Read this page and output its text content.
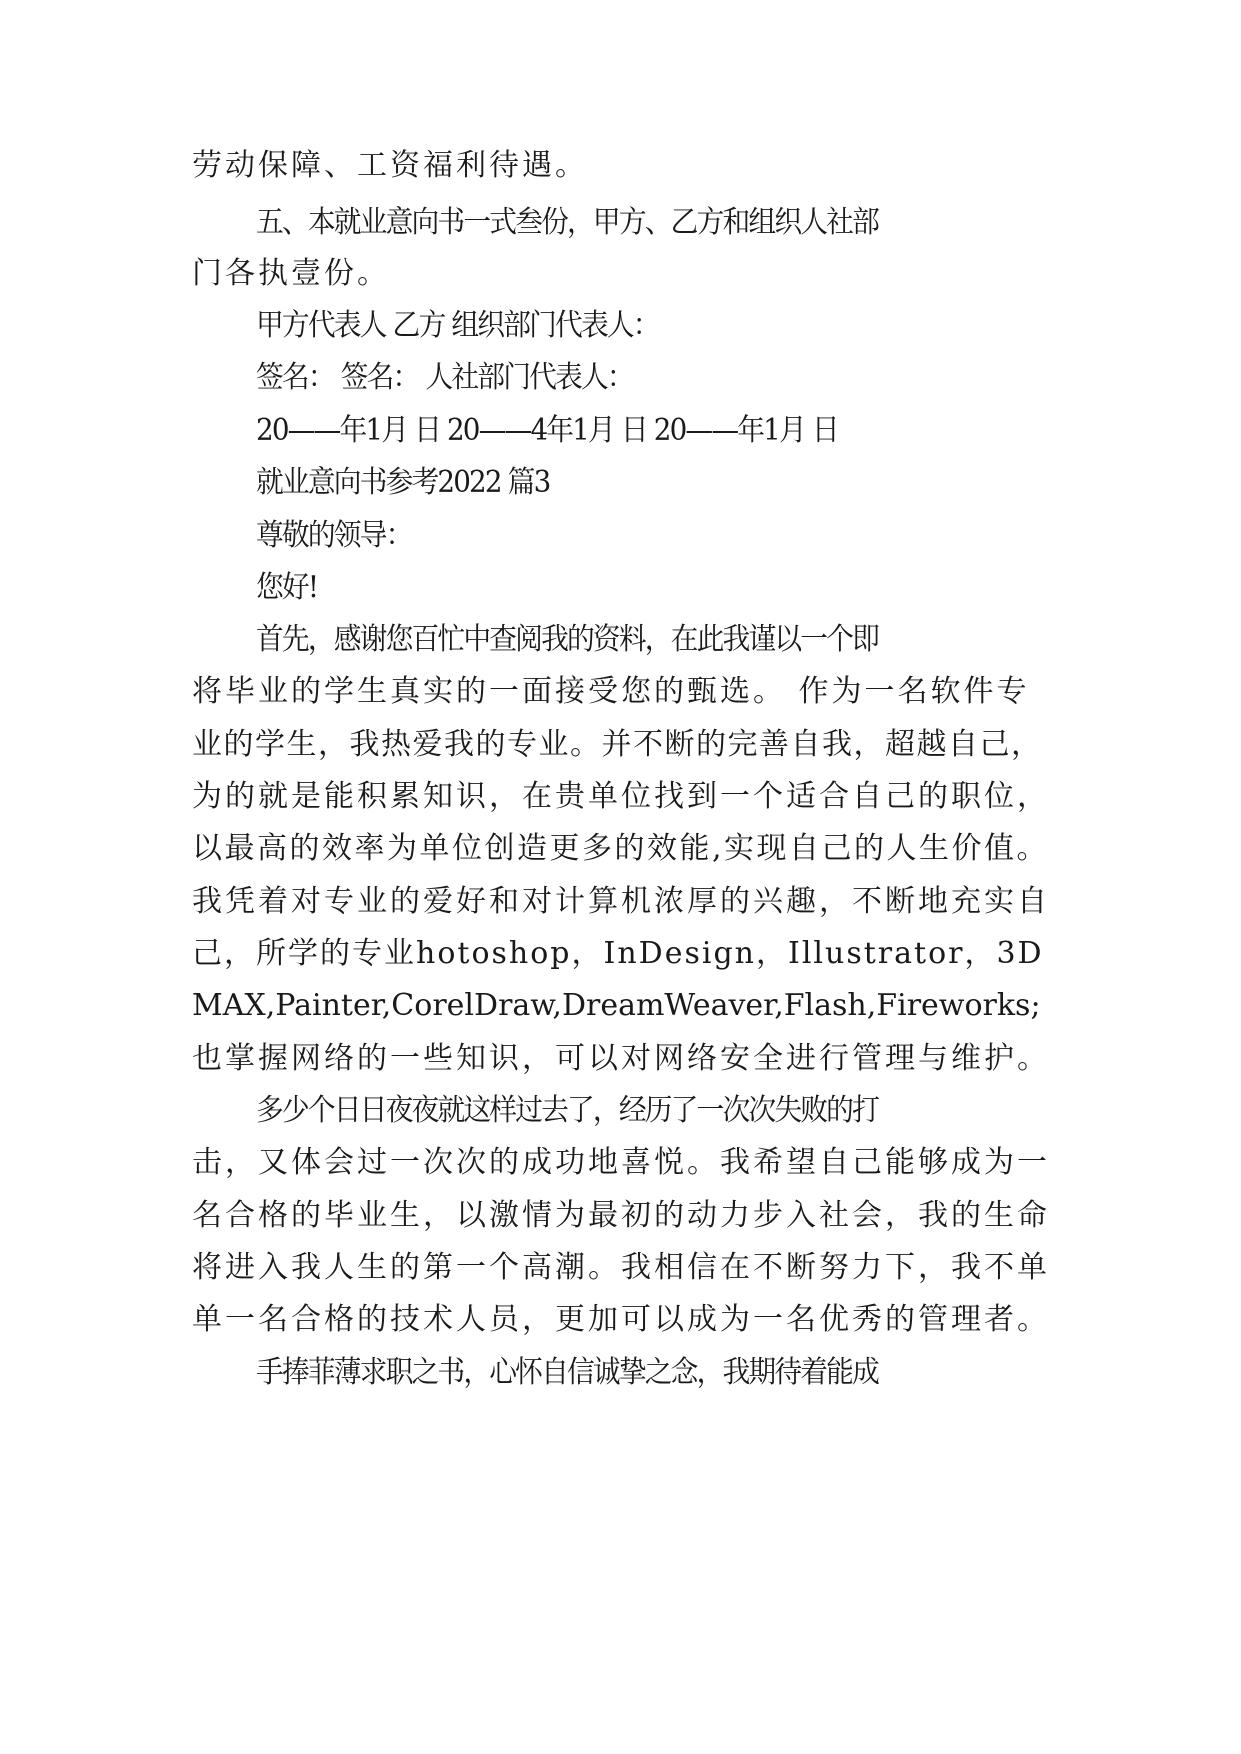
劳动保障、工资福利待遇。
五、本就业意向书一式叁份，甲方、乙方和组织人社部
门各执壹份。
甲方代表人 乙方 组织部门代表人：
签名： 签名： 人社部门代表人：
20——年1月 日 20——4年1月 日 20——年1月 日
就业意向书参考2022 篇3
尊敬的领导：
您好!
首先，感谢您百忙中查阅我的资料，在此我谨以一个即
将毕业的学生真实的一面接受您的甄选。 作为一名软件专
业的学生，我热爱我的专业。并不断的完善自我，超越自己，
为的就是能积累知识，在贵单位找到一个适合自己的职位，
以最高的效率为单位创造更多的效能,实现自己的人生价值。
我凭着对专业的爱好和对计算机浓厚的兴趣，不断地充实自
己，所学的专业hotoshop，InDesign，Illustrator，3D
MAX,Painter,CorelDraw,DreamWeaver,Flash,Fireworks;
也掌握网络的一些知识，可以对网络安全进行管理与维护。
多少个日日夜夜就这样过去了，经历了一次次失败的打
击，又体会过一次次的成功地喜悦。我希望自己能够成为一
名合格的毕业生，以激情为最初的动力步入社会，我的生命
将进入我人生的第一个高潮。我相信在不断努力下，我不单
单一名合格的技术人员，更加可以成为一名优秀的管理者。
手捧菲薄求职之书，心怀自信诚挚之念，我期待着能成
